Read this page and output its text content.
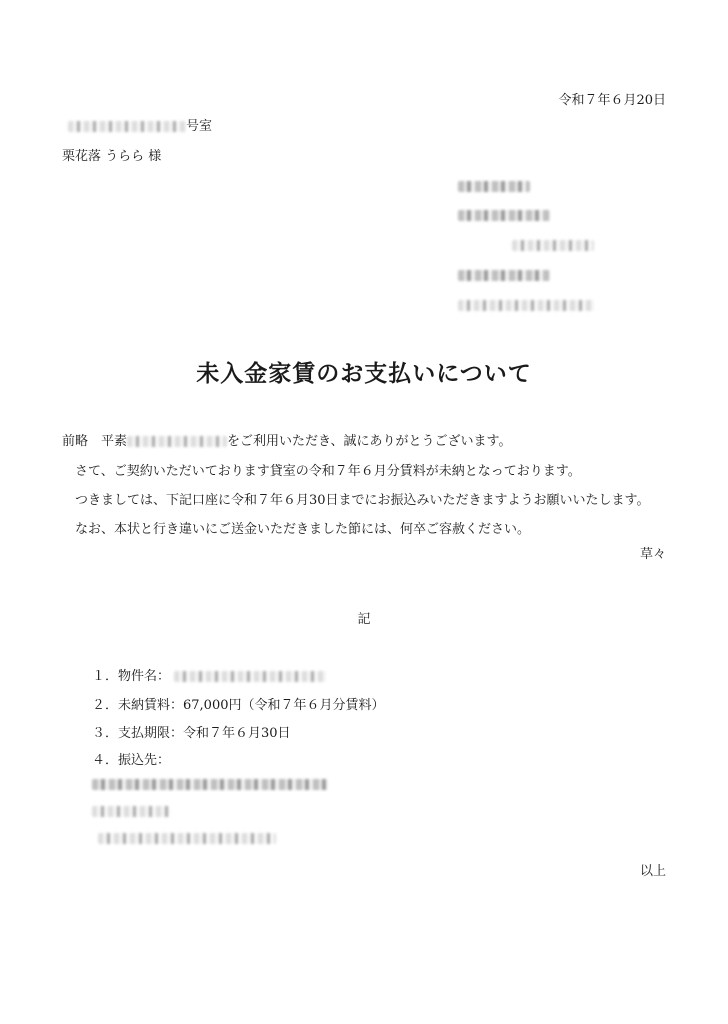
令和７年６月20日
号室
栗花落 うらら 様
未入金家賃のお支払いについて
前略　平素	をご利用いただき、誠にありがとうございます。
さて、ご契約いただいております貸室の令和７年６月分賃料が未納となっております。
つきましては、下記口座に令和７年６月30日までにお振込みいただきますようお願いいたします。
なお、本状と行き違いにご送金いただきました節には、何卒ご容赦ください。
草々
記
１．物件名：
２．未納賃料：67,000円（令和７年６月分賃料）
３．支払期限：令和７年６月30日
４．振込先：
以上
